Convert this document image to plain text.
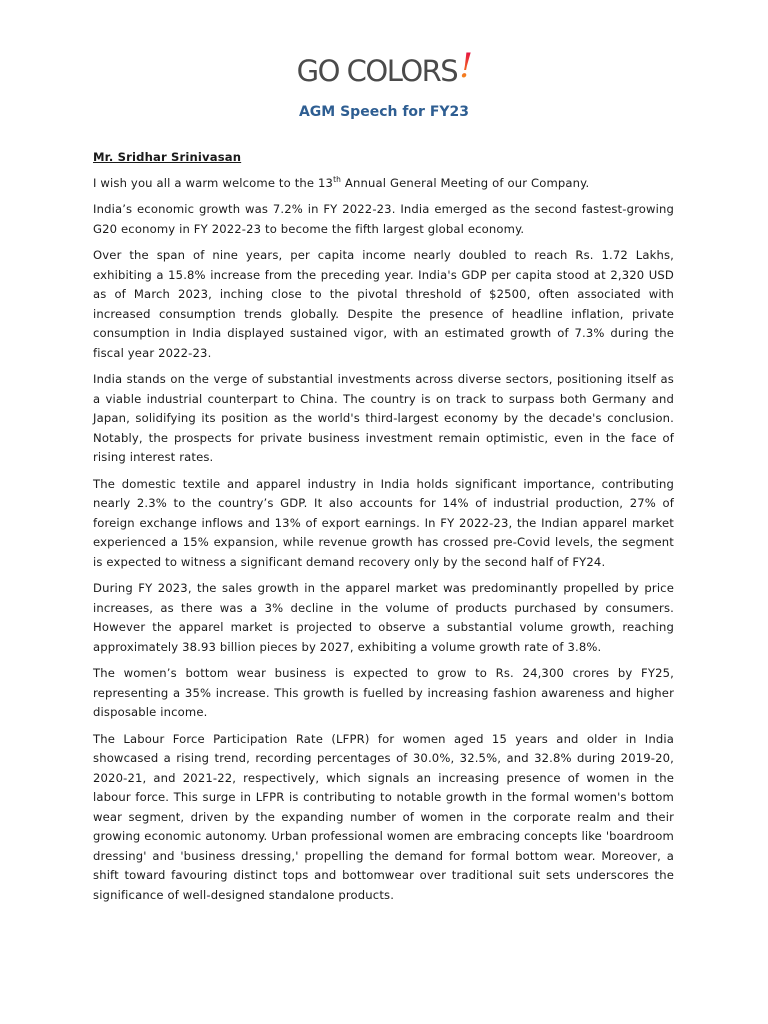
GO COLORS!
AGM Speech for FY23
Mr. Sridhar Srinivasan

I wish you all a warm welcome to the 13th Annual General Meeting of our Company.

India’s economic growth was 7.2% in FY 2022-23. India emerged as the second fastest-growing G20 economy in FY 2022-23 to become the fifth largest global economy.

Over the span of nine years, per capita income nearly doubled to reach Rs. 1.72 Lakhs, exhibiting a 15.8% increase from the preceding year. India's GDP per capita stood at 2,320 USD as of March 2023, inching close to the pivotal threshold of $2500, often associated with increased consumption trends globally. Despite the presence of headline inflation, private consumption in India displayed sustained vigor, with an estimated growth of 7.3% during the fiscal year 2022-23.

India stands on the verge of substantial investments across diverse sectors, positioning itself as a viable industrial counterpart to China. The country is on track to surpass both Germany and Japan, solidifying its position as the world's third-largest economy by the decade's conclusion. Notably, the prospects for private business investment remain optimistic, even in the face of rising interest rates.

The domestic textile and apparel industry in India holds significant importance, contributing nearly 2.3% to the country’s GDP. It also accounts for 14% of industrial production, 27% of foreign exchange inflows and 13% of export earnings. In FY 2022-23, the Indian apparel market experienced a 15% expansion, while revenue growth has crossed pre-Covid levels, the segment is expected to witness a significant demand recovery only by the second half of FY24.

During FY 2023, the sales growth in the apparel market was predominantly propelled by price increases, as there was a 3% decline in the volume of products purchased by consumers. However the apparel market is projected to observe a substantial volume growth, reaching approximately 38.93 billion pieces by 2027, exhibiting a volume growth rate of 3.8%.

The women’s bottom wear business is expected to grow to Rs. 24,300 crores by FY25, representing a 35% increase. This growth is fuelled by increasing fashion awareness and higher disposable income.

The Labour Force Participation Rate (LFPR) for women aged 15 years and older in India showcased a rising trend, recording percentages of 30.0%, 32.5%, and 32.8% during 2019-20, 2020-21, and 2021-22, respectively, which signals an increasing presence of women in the labour force. This surge in LFPR is contributing to notable growth in the formal women's bottom wear segment, driven by the expanding number of women in the corporate realm and their growing economic autonomy. Urban professional women are embracing concepts like 'boardroom dressing' and 'business dressing,' propelling the demand for formal bottom wear. Moreover, a shift toward favouring distinct tops and bottomwear over traditional suit sets underscores the significance of well-designed standalone products.
